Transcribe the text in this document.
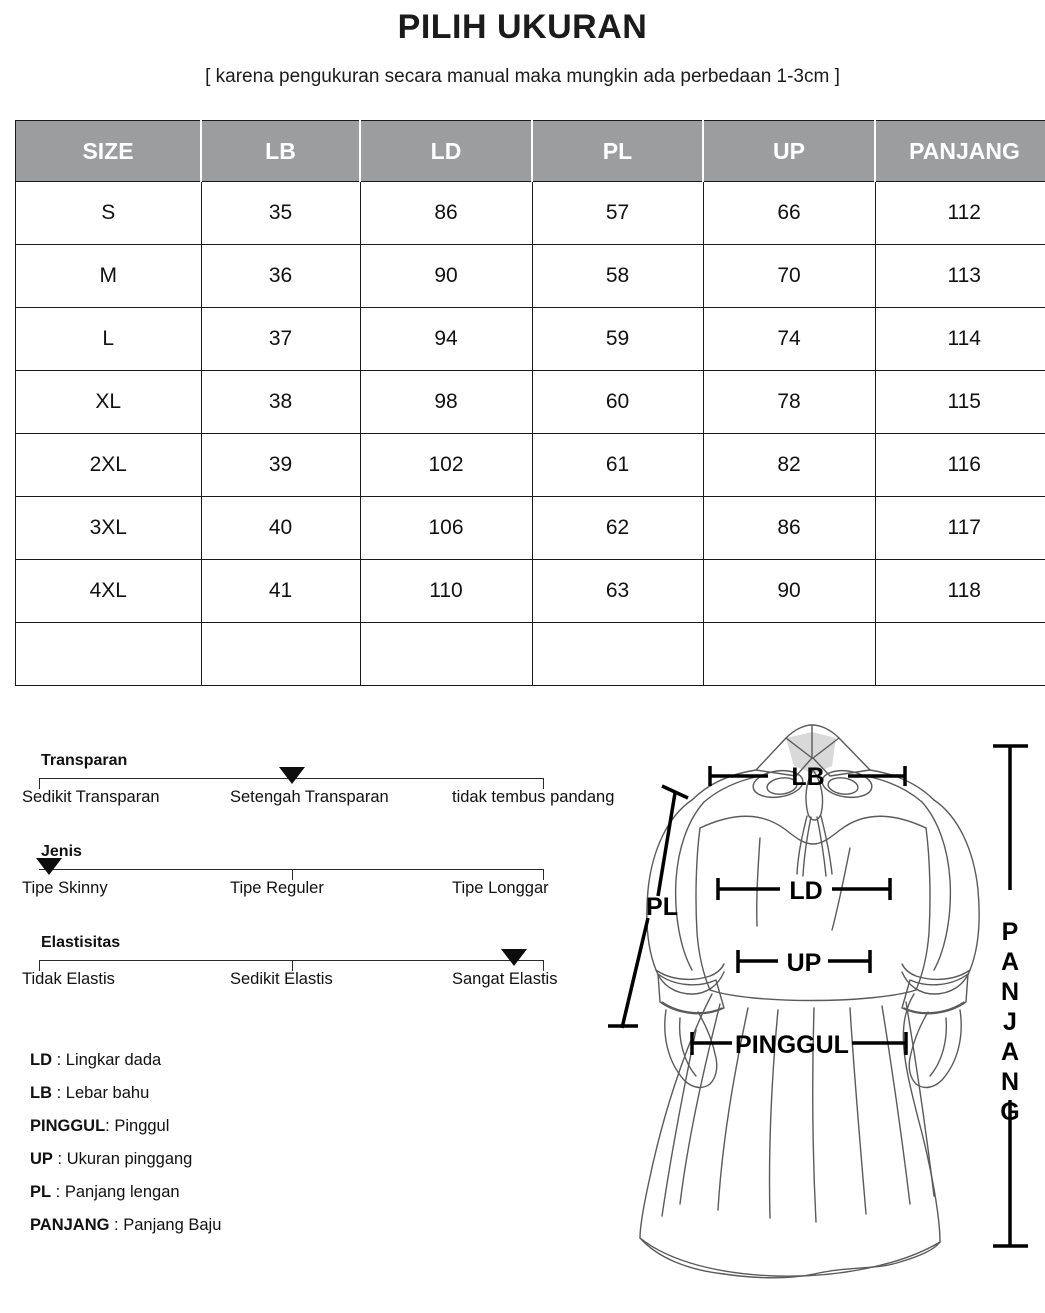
PILIH UKURAN
[ karena pengukuran secara manual maka mungkin ada perbedaan 1-3cm ]
SIZE	LB	LD	PL	UP	PANJANG
S	35	86	57	66	112
M	36	90	58	70	113
L	37	94	59	74	114
XL	38	98	60	78	115
2XL	39	102	61	82	116
3XL	40	106	62	86	117
4XL	41	110	63	90	118

Transparan
Sedikit Transparan	Setengah Transparan	tidak tembus pandang
Jenis
Tipe Skinny	Tipe Reguler	Tipe Longgar
Elastisitas
Tidak Elastis	Sedikit Elastis	Sangat Elastis
LD : Lingkar dada
LB : Lebar bahu
PINGGUL: Pinggul
UP : Ukuran pinggang
PL : Panjang lengan
PANJANG : Panjang Baju
LB
LD
UP
PINGGUL
PL
P
A
N
J
A
N
G
